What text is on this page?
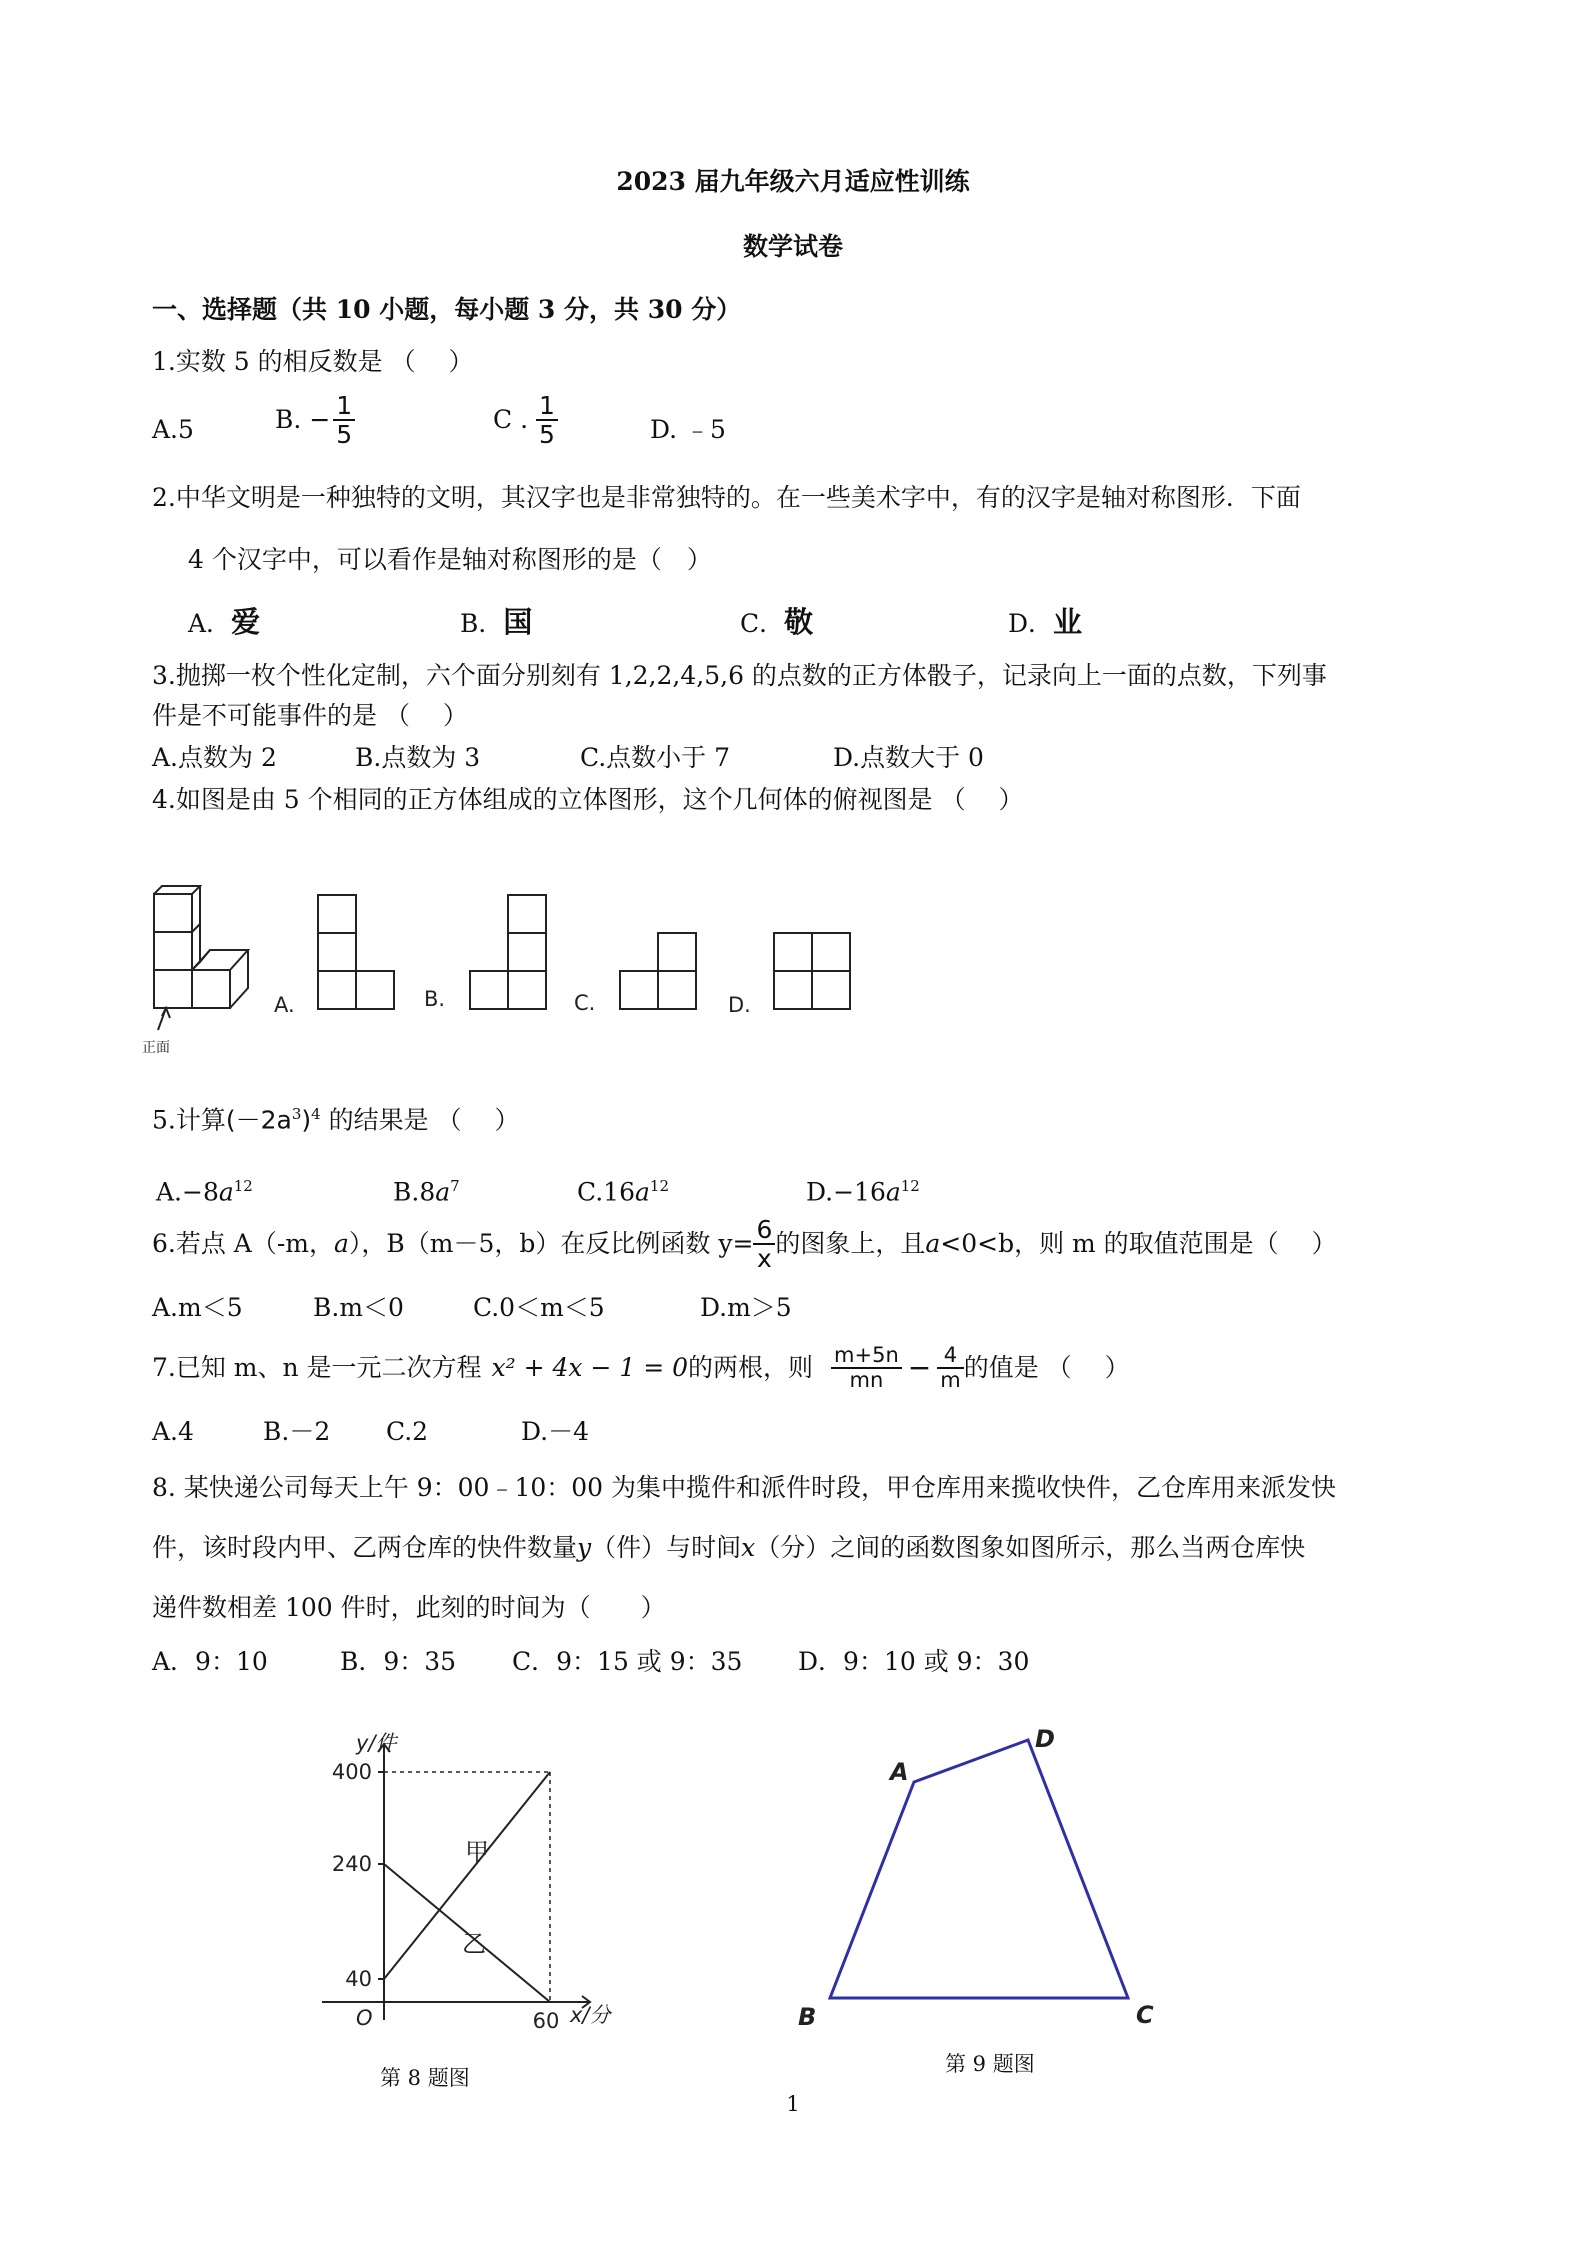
2023 届九年级六月适应性训练
数学试卷
一、选择题（共 10 小题，每小题 3 分，共 30 分）
1.实数 5 的相反数是 （　 ）
A.5	B. − $\frac{1}{5}$	C . $\frac{1}{5}$	D. ﹣5
2.中华文明是一种独特的文明，其汉字也是非常独特的。在一些美术字中，有的汉字是轴对称图形．下面
4 个汉字中，可以看作是轴对称图形的是（　）
A．爱	B．国	C．敬	D．业
3.抛掷一枚个性化定制，六个面分别刻有 1,2,2,4,5,6 的点数的正方体骰子，记录向上一面的点数，下列事
件是不可能事件的是 （　 ）
A.点数为 2	B.点数为 3	C.点数小于 7	D.点数大于 0
4.如图是由 5 个相同的正方体组成的立体图形，这个几何体的俯视图是 （　 ）
正面
A.	B.	C.	D.
5.计算$(-2a^3)^4$ 的结果是 （　 ）
$A.-8a^{12}$	$B.8a^7$	$C.16a^{12}$	$D.-16a^{12}$
6.若点 A（-m， a ），B（m－5，b）在反比例函数 $y= \frac{6}{x}$ 的图象上，且 a <0<b，则 m 的取值范围是（　 ）
A.m＜5	B.m＜0	C.0＜m＜5	D.m＞5
7.已知 m、n 是一元二次方程 x² + 4x − 1 = 0 的两根，则 $\frac{m+5n}{mn} - \frac{4}{m}$ 的值是 （　 ）
A.4	B.－2 C.2	D.－4
8. 某快递公司每天上午 9：00﹣10：00 为集中揽件和派件时段，甲仓库用来揽收快件，乙仓库用来派发快
件，该时段内甲、乙两仓库的快件数量y（件）与时间x（分）之间的函数图象如图所示，那么当两仓库快
递件数相差 100 件时，此刻的时间为（　　）
A．9：10	B．9：35 C．9：15 或 9：35 D．9：10 或 9：30
甲
乙
400
240
40
60
y/件
x/分
O
第 8 题图
A
D
B	C
第 9 题图
1
